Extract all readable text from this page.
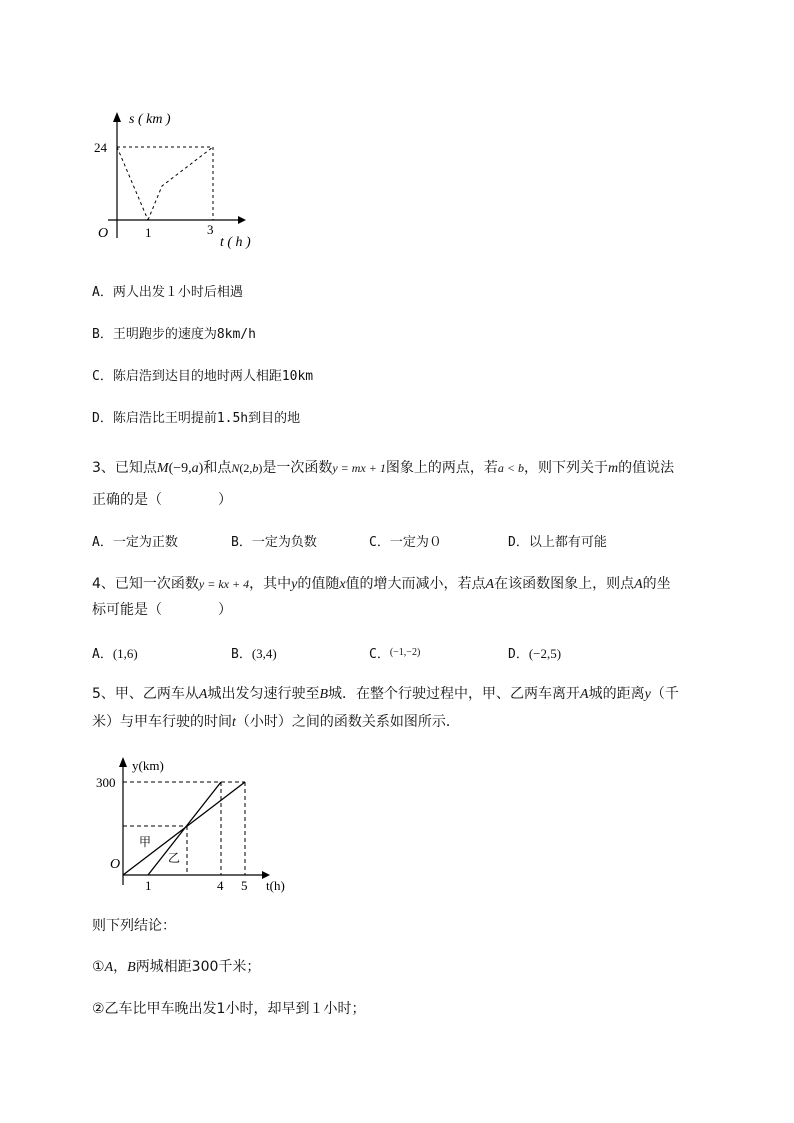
s ( km )
24
O	1	3
t ( h )
A．两人出发１小时后相遇
B．王明跑步的速度为8km/h
C．陈启浩到达目的地时两人相距10km
D．陈启浩比王明提前1.5h到目的地
3、已知点M(−9,a)和点N(2,b)是一次函数y = mx + 1图象上的两点，若a < b，则下列关于m的值说法
正确的是（　　　　）
A．一定为正数	B．一定为负数	C．一定为０	D．以上都有可能
4、已知一次函数y = kx + 4，其中y的值随x值的增大而减小，若点A在该函数图象上，则点A的坐
标可能是（　　　　）
A．(1,6)	B．(3,4)	C．$^{(-1,-2)}$	D．(−2,5)
5、甲、乙两车从A城出发匀速行驶至B城．在整个行驶过程中，甲、乙两车离开A城的距离y（千
米）与甲车行驶的时间t（小时）之间的函数关系如图所示．
y(km)
300
O
甲
乙
1	4 5 t(h)
则下列结论：
①A，B两城相距300千米；
②乙车比甲车晚出发1小时，却早到１小时；
